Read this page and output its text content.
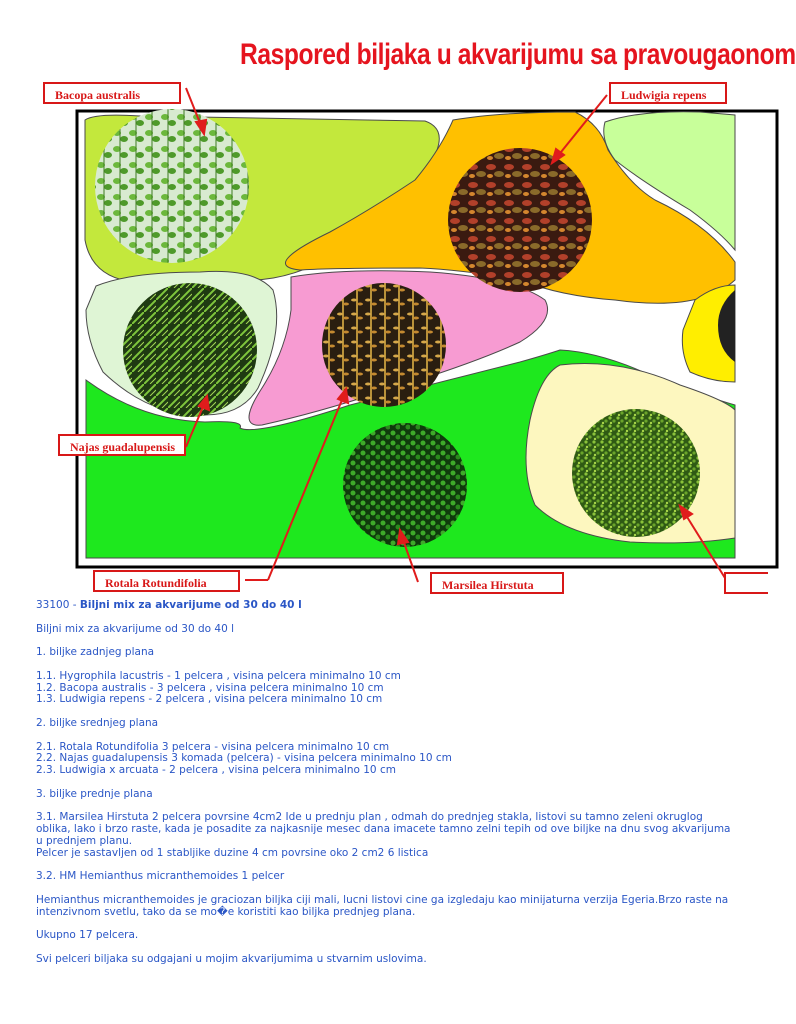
Raspored biljaka u akvarijumu sa pravougaonom
Bacopa australis	Ludwigia repens
Najas guadalupensis
Rotala Rotundifolia	Marsilea Hirstuta

33100 - Biljni mix za akvarijume od 30 do 40 l

Biljni mix za akvarijume od 30 do 40 l

1. biljke zadnjeg plana

1.1. Hygrophila lacustris - 1 pelcera , visina pelcera minimalno 10 cm

1.2. Bacopa australis - 3 pelcera , visina pelcera minimalno 10 cm

1.3. Ludwigia repens - 2 pelcera , visina pelcera minimalno 10 cm

2. biljke srednjeg plana

2.1. Rotala Rotundifolia 3 pelcera - visina pelcera minimalno 10 cm

2.2. Najas guadalupensis 3 komada (pelcera) - visina pelcera minimalno 10 cm

2.3. Ludwigia x arcuata - 2 pelcera , visina pelcera minimalno 10 cm

3. biljke prednje plana

3.1. Marsilea Hirstuta 2 pelcera povrsine 4cm2 Ide u prednju plan , odmah do prednjeg stakla, listovi su tamno zeleni okruglog oblika, lako i brzo raste, kada je posadite za najkasnije mesec dana imacete tamno zelni tepih od ove biljke na dnu svog akvarijuma u prednjem planu.

Pelcer je sastavljen od 1 stabljike duzine 4 cm povrsine oko 2 cm2 6 listica

3.2. HM Hemianthus micranthemoides 1 pelcer

Hemianthus micranthemoides je graciozan biljka ciji mali, lucni listovi cine ga izgledaju kao minijaturna verzija Egeria.Brzo raste na intenzivnom svetlu, tako da se mo�e koristiti kao biljka prednjeg plana.

Ukupno 17 pelcera.

Svi pelceri biljaka su odgajani u mojim akvarijumima u stvarnim uslovima.
